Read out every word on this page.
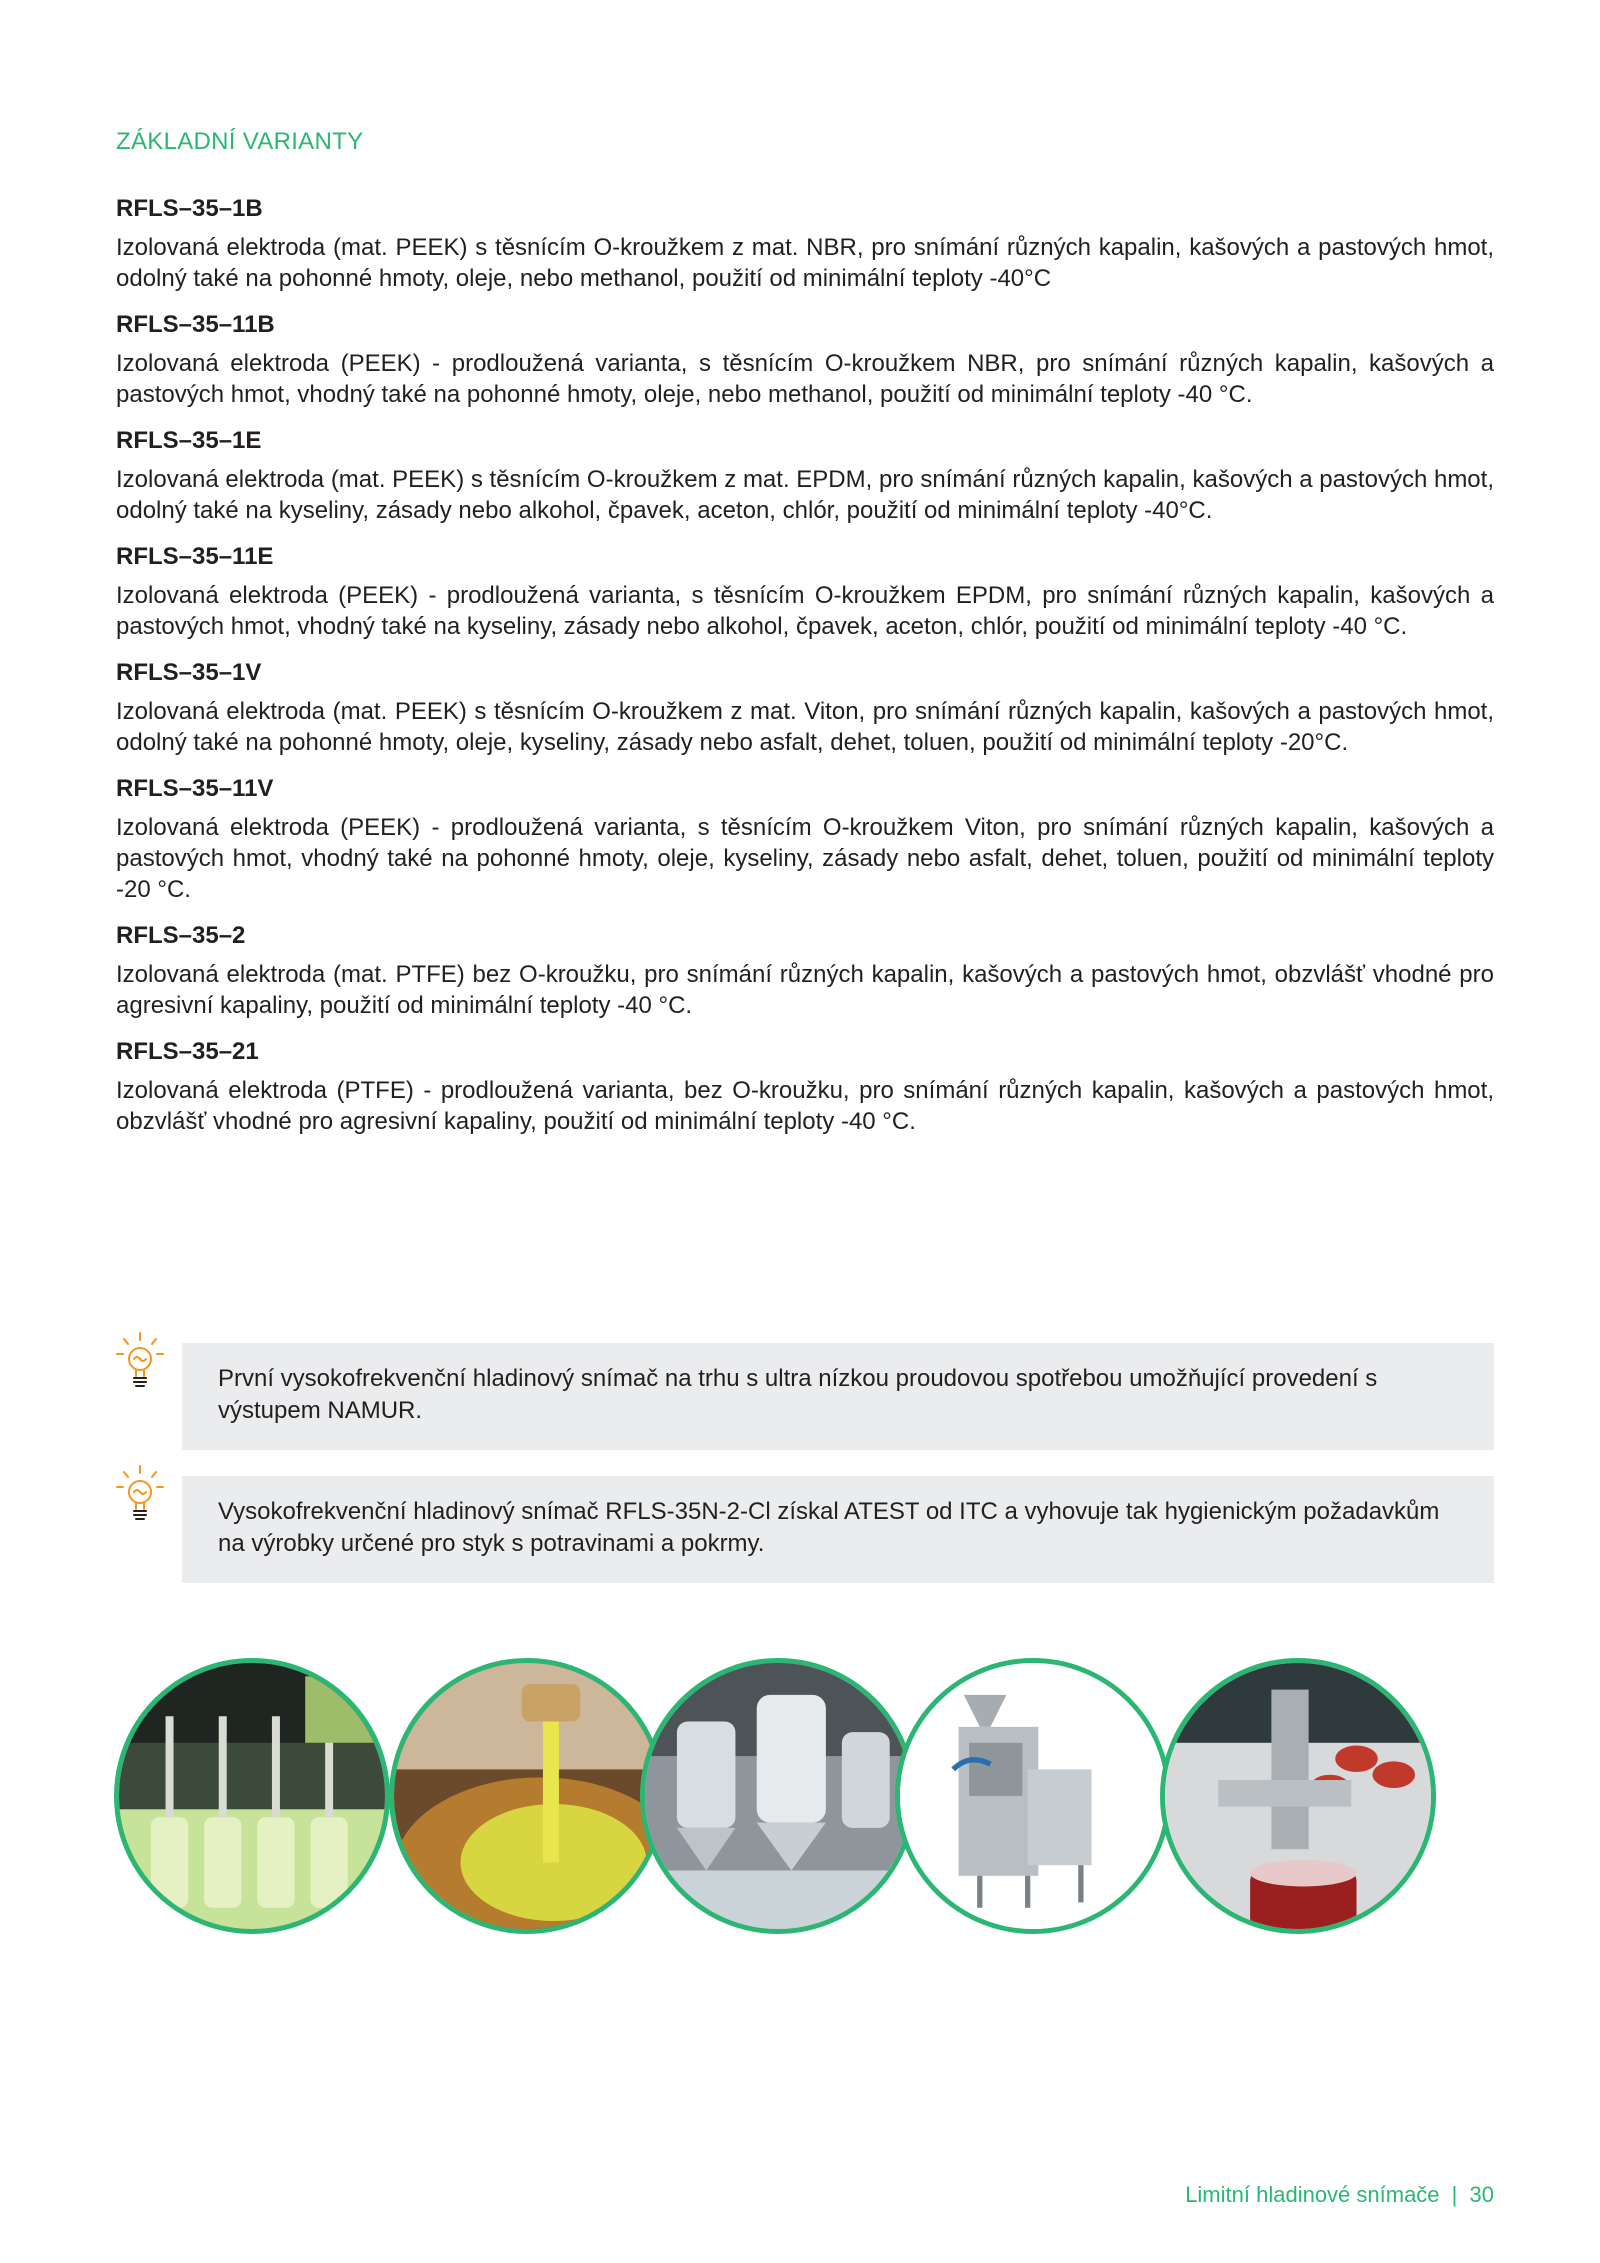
ZÁKLADNÍ VARIANTY

RFLS–35–1B

Izolovaná elektroda (mat. PEEK) s těsnícím O-kroužkem z mat. NBR, pro snímání různých kapalin, kašových a pastových hmot, odolný také na pohonné hmoty, oleje, nebo methanol, použití od minimální teploty -40°C

RFLS–35–11B

Izolovaná elektroda (PEEK) - prodloužená varianta, s těsnícím O-kroužkem NBR, pro snímání různých kapalin, kašových a pastových hmot, vhodný také na pohonné hmoty, oleje, nebo methanol, použití od minimální teploty -40 °C.

RFLS–35–1E

Izolovaná elektroda (mat. PEEK) s těsnícím O-kroužkem z mat. EPDM, pro snímání různých kapalin, kašových a pastových hmot, odolný také na kyseliny, zásady nebo alkohol, čpavek, aceton, chlór, použití od minimální teploty -40°C.

RFLS–35–11E

Izolovaná elektroda (PEEK) - prodloužená varianta, s těsnícím O-kroužkem EPDM, pro snímání různých kapalin, kašových a pastových hmot, vhodný také na kyseliny, zásady nebo alkohol, čpavek, aceton, chlór, použití od minimální teploty -40 °C.

RFLS–35–1V

Izolovaná elektroda (mat. PEEK) s těsnícím O-kroužkem z mat. Viton, pro snímání různých kapalin, kašových a pastových hmot, odolný také na pohonné hmoty, oleje, kyseliny, zásady nebo asfalt, dehet, toluen, použití od minimální teploty -20°C.

RFLS–35–11V

Izolovaná elektroda (PEEK) - prodloužená varianta, s těsnícím O-kroužkem Viton, pro snímání různých kapalin, kašových a pastových hmot, vhodný také na pohonné hmoty, oleje, kyseliny, zásady nebo asfalt, dehet, toluen, použití od minimální teploty -20 °C.

RFLS–35–2

Izolovaná elektroda (mat. PTFE) bez O-kroužku, pro snímání různých kapalin, kašových a pastových hmot, obzvlášť vhodné pro agresivní kapaliny, použití od minimální teploty -40 °C.

RFLS–35–21

Izolovaná elektroda (PTFE) - prodloužená varianta, bez O-kroužku, pro snímání různých kapalin, kašových a pastových hmot, obzvlášť vhodné pro agresivní kapaliny, použití od minimální teploty -40 °C.

První vysokofrekvenční hladinový snímač na trhu s ultra nízkou proudovou spotřebou umožňující provedení s výstupem NAMUR.
Vysokofrekvenční hladinový snímač RFLS-35N-2-Cl získal ATEST od ITC a vyhovuje tak hygienickým požadavkům na výrobky určené pro styk s potravinami a pokrmy.
Limitní hladinové snímače | 30
